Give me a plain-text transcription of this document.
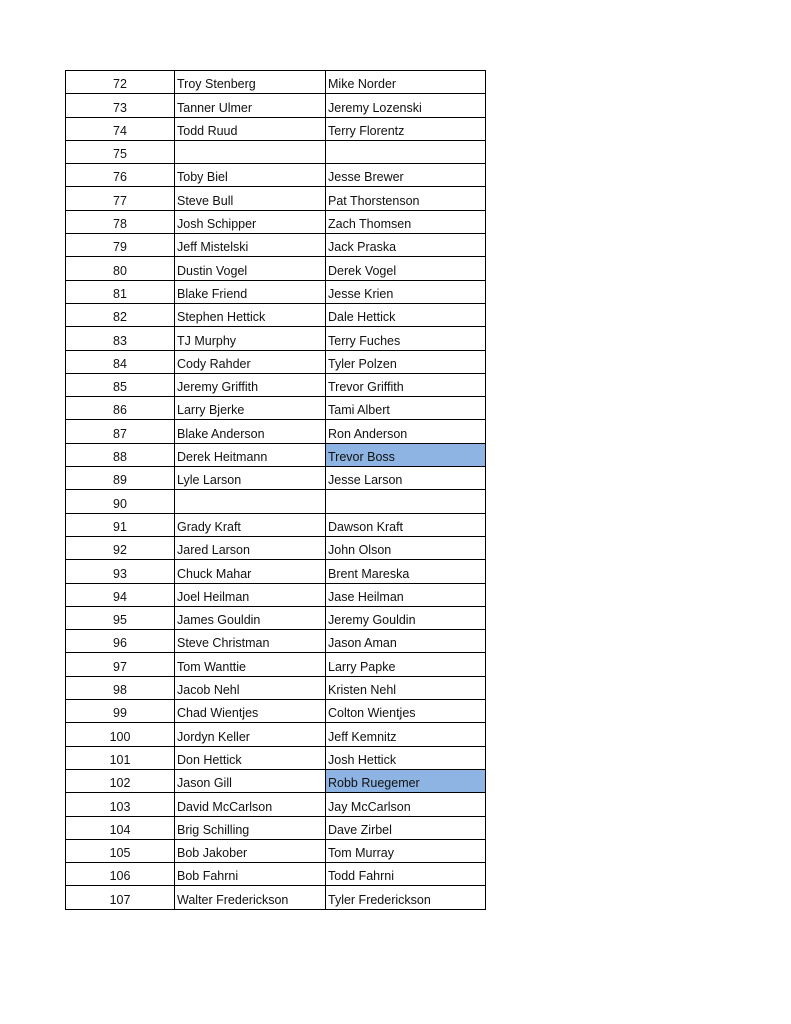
72	Troy Stenberg	Mike Norder
73	Tanner Ulmer	Jeremy Lozenski
74	Todd Ruud	Terry Florentz
75		
76	Toby Biel	Jesse Brewer
77	Steve Bull	Pat Thorstenson
78	Josh Schipper	Zach Thomsen
79	Jeff Mistelski	Jack Praska
80	Dustin Vogel	Derek Vogel
81	Blake Friend	Jesse Krien
82	Stephen Hettick	Dale Hettick
83	TJ Murphy	Terry Fuches
84	Cody Rahder	Tyler Polzen
85	Jeremy Griffith	Trevor Griffith
86	Larry Bjerke	Tami Albert
87	Blake Anderson	Ron Anderson
88	Derek Heitmann	Trevor Boss
89	Lyle Larson	Jesse Larson
90		
91	Grady Kraft	Dawson Kraft
92	Jared Larson	John Olson
93	Chuck Mahar	Brent Mareska
94	Joel Heilman	Jase Heilman
95	James Gouldin	Jeremy Gouldin
96	Steve Christman	Jason Aman
97	Tom Wanttie	Larry Papke
98	Jacob Nehl	Kristen Nehl
99	Chad Wientjes	Colton Wientjes
100	Jordyn Keller	Jeff Kemnitz
101	Don Hettick	Josh Hettick
102	Jason Gill	Robb Ruegemer
103	David McCarlson	Jay McCarlson
104	Brig Schilling	Dave Zirbel
105	Bob Jakober	Tom Murray
106	Bob Fahrni	Todd Fahrni
107	Walter Frederickson	Tyler Frederickson
